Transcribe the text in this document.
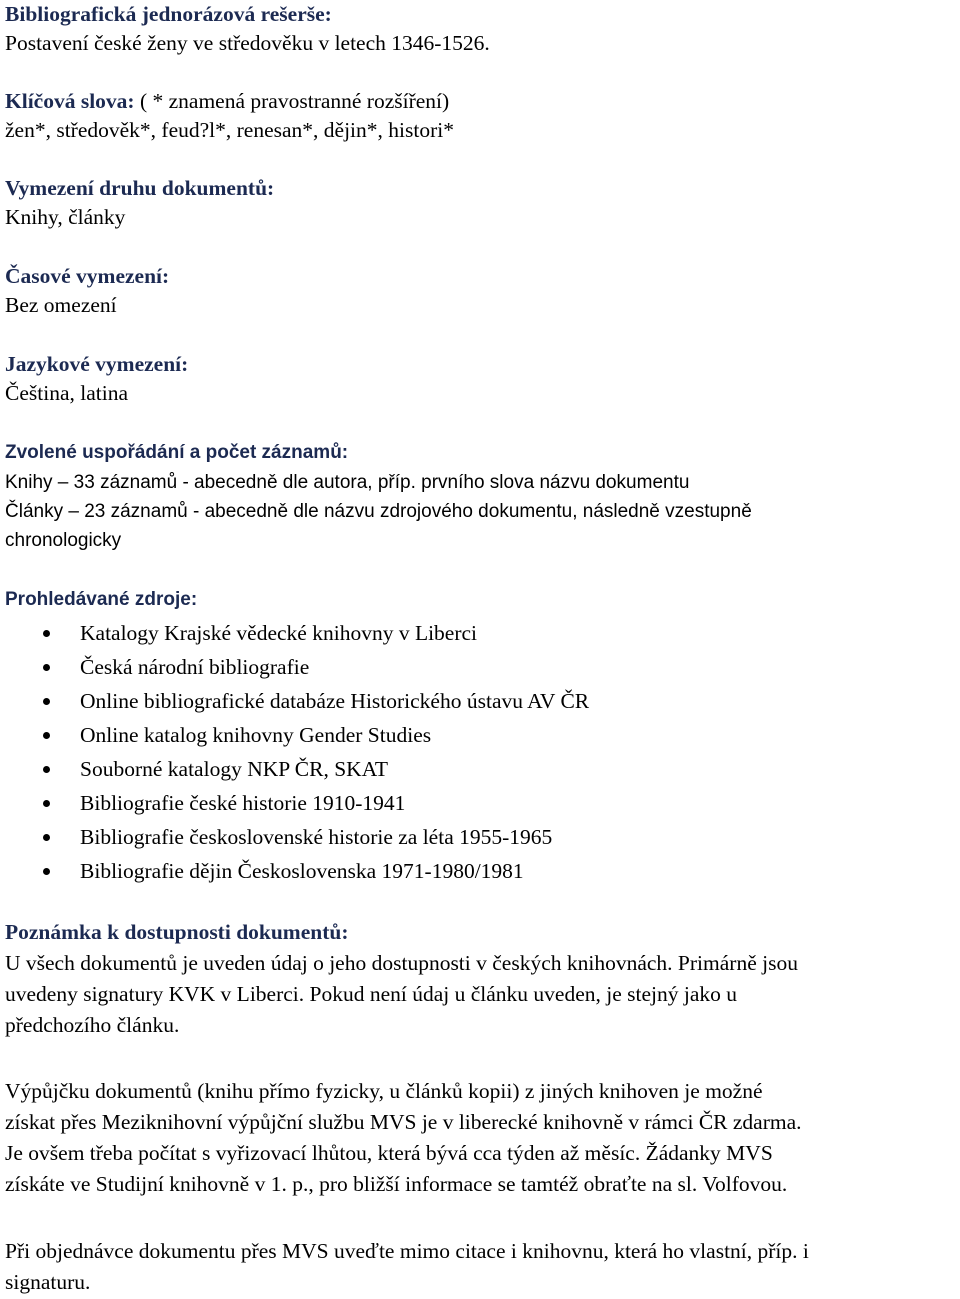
Bibliografická jednorázová rešerše:
Postavení české ženy ve středověku v letech 1346-1526.
Klíčová slova: ( * znamená pravostranné rozšíření)
žen*, středověk*, feud?l*, renesan*, dějin*, histori*
Vymezení druhu dokumentů:
Knihy, články
Časové vymezení:
Bez omezení
Jazykové vymezení:
Čeština, latina
Zvolené uspořádání a počet záznamů:
Knihy – 33 záznamů - abecedně dle autora, příp. prvního slova názvu dokumentu
Články – 23 záznamů - abecedně dle názvu zdrojového dokumentu, následně vzestupně
chronologicky
Prohledávané zdroje:
Katalogy Krajské vědecké knihovny v Liberci
Česká národní bibliografie
Online bibliografické databáze Historického ústavu AV ČR
Online katalog knihovny Gender Studies
Souborné katalogy NKP ČR, SKAT
Bibliografie české historie 1910-1941
Bibliografie československé historie za léta 1955-1965
Bibliografie dějin Československa 1971-1980/1981
Poznámka k dostupnosti dokumentů:
U všech dokumentů je uveden údaj o jeho dostupnosti v českých knihovnách. Primárně jsou
uvedeny signatury KVK v Liberci. Pokud není údaj u článku uveden, je stejný jako u
předchozího článku.
Výpůjčku dokumentů (knihu přímo fyzicky, u článků kopii) z jiných knihoven je možné
získat přes Meziknihovní výpůjční službu MVS je v liberecké knihovně v rámci ČR zdarma.
Je ovšem třeba počítat s vyřizovací lhůtou, která bývá cca týden až měsíc. Žádanky MVS
získáte ve Studijní knihovně v 1. p., pro bližší informace se tamtéž obraťte na sl. Volfovou.
Při objednávce dokumentu přes MVS uveďte mimo citace i knihovnu, která ho vlastní, příp. i
signaturu.
